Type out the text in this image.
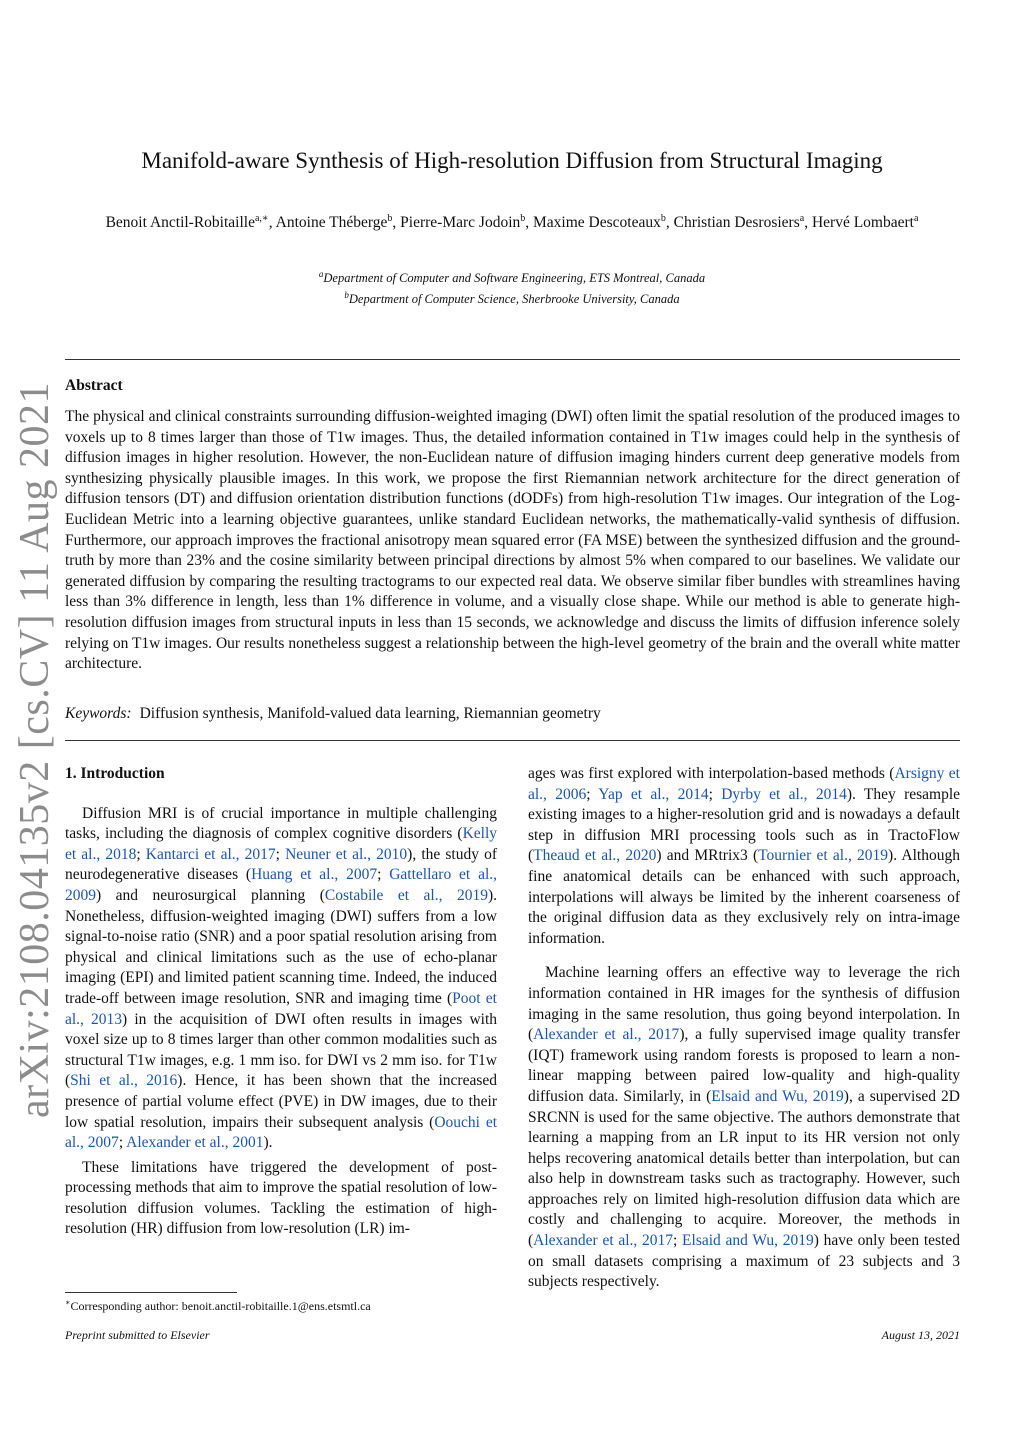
arXiv:2108.04135v2 [cs.CV] 11 Aug 2021
Manifold-aware Synthesis of High-resolution Diffusion from Structural Imaging
Benoit Anctil-Robitaille$^{a,∗}$, Antoine Théberge$^b$, Pierre-Marc Jodoin$^b$, Maxime Descoteaux$^b$, Christian Desrosiers$^a$, Hervé Lombaert$^a$
$^a$Department of Computer and Software Engineering, ETS Montreal, Canada
$^b$Department of Computer Science, Sherbrooke University, Canada
Abstract
The physical and clinical constraints surrounding diffusion-weighted imaging (DWI) often limit the spatial resolution of the produced images to voxels up to 8 times larger than those of T1w images. Thus, the detailed information contained in T1w images could help in the synthesis of diffusion images in higher resolution. However, the non-Euclidean nature of diffusion imaging hinders current deep generative models from synthesizing physically plausible images. In this work, we propose the first Riemannian network architecture for the direct generation of diffusion tensors (DT) and diffusion orientation distribution functions (dODFs) from high-resolution T1w images. Our integration of the Log-Euclidean Metric into a learning objective guarantees, unlike standard Euclidean networks, the mathematically-valid synthesis of diffusion. Furthermore, our approach improves the fractional anisotropy mean squared error (FA MSE) between the synthesized diffusion and the ground-truth by more than 23% and the cosine similarity between principal directions by almost 5% when compared to our baselines. We validate our generated diffusion by comparing the resulting tractograms to our expected real data. We observe similar fiber bundles with streamlines having less than 3% difference in length, less than 1% difference in volume, and a visually close shape. While our method is able to generate high-resolution diffusion images from structural inputs in less than 15 seconds, we acknowledge and discuss the limits of diffusion inference solely relying on T1w images. Our results nonetheless suggest a relationship between the high-level geometry of the brain and the overall white matter architecture.
Keywords: Diffusion synthesis, Manifold-valued data learning, Riemannian geometry
1. Introduction

Diffusion MRI is of crucial importance in multiple challenging tasks, including the diagnosis of complex cognitive disorders (Kelly et al., 2018; Kantarci et al., 2017; Neuner et al., 2010), the study of neurodegenerative diseases (Huang et al., 2007; Gattellaro et al., 2009) and neurosurgical planning (Costabile et al., 2019). Nonetheless, diffusion-weighted imaging (DWI) suffers from a low signal-to-noise ratio (SNR) and a poor spatial resolution arising from physical and clinical limitations such as the use of echo-planar imaging (EPI) and limited patient scanning time. Indeed, the induced trade-off between image resolution, SNR and imaging time (Poot et al., 2013) in the acquisition of DWI often results in images with voxel size up to 8 times larger than other common modalities such as structural T1w images, e.g. 1 mm iso. for DWI vs 2 mm iso. for T1w (Shi et al., 2016). Hence, it has been shown that the increased presence of partial volume effect (PVE) in DW images, due to their low spatial resolution, impairs their subsequent analysis (Oouchi et al., 2007; Alexander et al., 2001).

These limitations have triggered the development of post-processing methods that aim to improve the spatial resolution of low-resolution diffusion volumes. Tackling the estimation of high-resolution (HR) diffusion from low-resolution (LR) im-

ages was first explored with interpolation-based methods (Arsigny et al., 2006; Yap et al., 2014; Dyrby et al., 2014). They resample existing images to a higher-resolution grid and is nowadays a default step in diffusion MRI processing tools such as in TractoFlow (Theaud et al., 2020) and MRtrix3 (Tournier et al., 2019). Although fine anatomical details can be enhanced with such approach, interpolations will always be limited by the inherent coarseness of the original diffusion data as they exclusively rely on intra-image information.

Machine learning offers an effective way to leverage the rich information contained in HR images for the synthesis of diffusion imaging in the same resolution, thus going beyond interpolation. In (Alexander et al., 2017), a fully supervised image quality transfer (IQT) framework using random forests is proposed to learn a non-linear mapping between paired low-quality and high-quality diffusion data. Similarly, in (Elsaid and Wu, 2019), a supervised 2D SRCNN is used for the same objective. The authors demonstrate that learning a mapping from an LR input to its HR version not only helps recovering anatomical details better than interpolation, but can also help in downstream tasks such as tractography. However, such approaches rely on limited high-resolution diffusion data which are costly and challenging to acquire. Moreover, the methods in (Alexander et al., 2017; Elsaid and Wu, 2019) have only been tested on small datasets comprising a maximum of 23 subjects and 3 subjects respectively.

∗Corresponding author: benoit.anctil-robitaille.1@ens.etsmtl.ca
Preprint submitted to Elsevier	August 13, 2021
